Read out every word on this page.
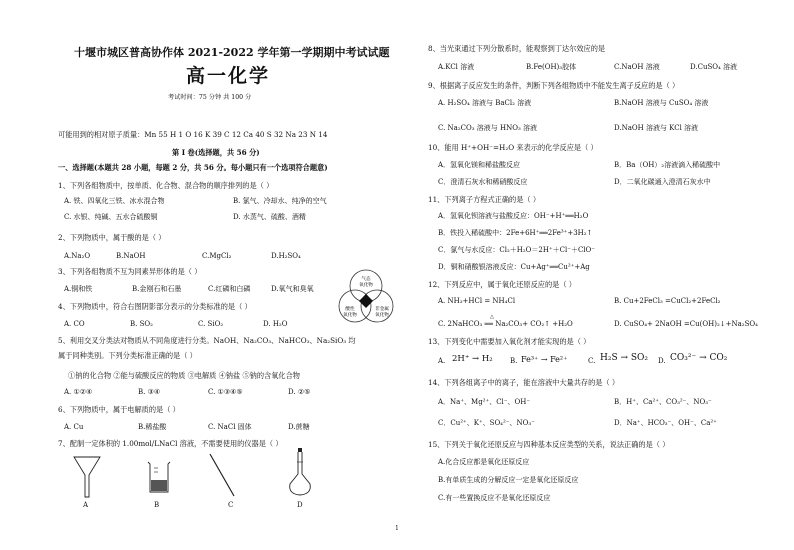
十堰市城区普高协作体 2021-2022 学年第一学期期中考试试题
高一化学
考试时间：75 分钟 共 100 分
可能用到的相对原子质量：Mn 55 H 1 O 16 K 39 C 12 Ca 40 S 32 Na 23 N 14
第 I 卷(选择题，共 56 分)
一、选择题(本题共 28 小题，每题 2 分，共 56 分。每小题只有一个选项符合题意)
1、下列各组物质中，按单质、化合物、混合物的顺序排列的是（ ）
A. 铁、四氧化三铁、冰水混合物	B. 氯气、冷却水、纯净的空气
C. 水银、纯碱、五水合硫酸铜	D. 水蒸气、硫酸、酒精
2、下列物质中，属于酸的是（ ）
A.Na₂O	B.NaOH	C.MgCl₂	D.H₂SO₄
3、下列各组物质不互为同素异形体的是（ ）
A.铜和铁	B.金刚石和石墨	C.红磷和白磷	D.氧气和臭氧
4、下列物质中，符合右图阴影部分表示的分类标准的是（ ）
A. CO	B. SO₂	C. SiO₂	D. H₂O
气态
氧化物
酸性
氧化物
非金属
氧化物
5、利用交叉分类法对物质从不同角度进行分类。NaOH、Na₂CO₃、NaHCO₃、Na₂SiO₃ 均
属于同种类别。下列分类标准正确的是（ ）
①钠的化合物 ②能与硫酸反应的物质 ③电解质 ④钠盐 ⑤钠的含氧化合物
A. ①②④	B. ③④	C. ①③④⑤	D. ②⑤
6、下列物质中，属于电解质的是（ ）
A. Cu	B.稀盐酸	C. NaCl 固体	D.蔗糖
7、配制一定体积的 1.00mol/LNaCl 溶液，不需要使用的仪器是（ ）
A	B	C	D
8、当光束通过下列分散系时，能观察到丁达尔效应的是
A.KCl 溶液	B.Fe(OH)₃胶体	C.NaOH 溶液	D.CuSO₄ 溶液
9、根据离子反应发生的条件，判断下列各组物质中不能发生离子反应的是（ ）
A. H₂SO₄ 溶液与 BaCl₂ 溶液	B.NaOH 溶液与 CuSO₄ 溶液
C. Na₂CO₃ 溶液与 HNO₃ 溶液	D.NaOH 溶液与 KCl 溶液
10、能用 H⁺+OH⁻=H₂O 来表示的化学反应是（ ）
A．氢氧化镁和稀盐酸反应	B．Ba（OH）₂溶液滴入稀硫酸中
C．澄清石灰水和稀硝酸反应	D．二氧化碳通入澄清石灰水中
11、下列离子方程式正确的是（ ）
A．氢氧化钡溶液与盐酸反应：OH⁻+H⁺══H₂O
B．铁投入稀硫酸中：2Fe+6H⁺══2Fe³⁺+3H₂↑
C．氯气与水反应：Cl₂＋H₂O＝2H⁺＋Cl⁻＋ClO⁻
D．铜和硝酸银溶液反应：Cu+Ag⁺══Cu²⁺+Ag
12、下列反应中，属于氧化还原反应的是（ ）
A. NH₃+HCl = NH₄Cl	B. Cu+2FeCl₃ =CuCl₂+2FeCl₂
△
C. 2NaHCO₃ ══ Na₂CO₃+ CO₂↑ +H₂O	D. CuSO₄+ 2NaOH =Cu(OH)₂↓+Na₂SO₄
13、下列变化中需要加入氧化剂才能实现的是（ ）
A. 2H⁺ → H₂ B. Fe³⁺ → Fe²⁺	C. H₂S → SO₂ D. CO₃²⁻ → CO₂
14、下列各组离子中的离子，能在溶液中大量共存的是（ ）
A．Na⁺、Mg²⁺、Cl⁻、OH⁻	B．H⁺、Ca²⁺、CO₃²⁻、NO₃⁻
C．Cu²⁺、K⁺、SO₄²⁻、NO₃⁻	D．Na⁺、HCO₃⁻、OH⁻、Ca²⁺
15、下列关于氧化还原反应与四种基本反应类型的关系，说法正确的是（ ）
A.化合反应都是氧化还原反应
B.有单质生成的分解反应一定是氧化还原反应
C.有一些置换反应不是氧化还原反应
1
